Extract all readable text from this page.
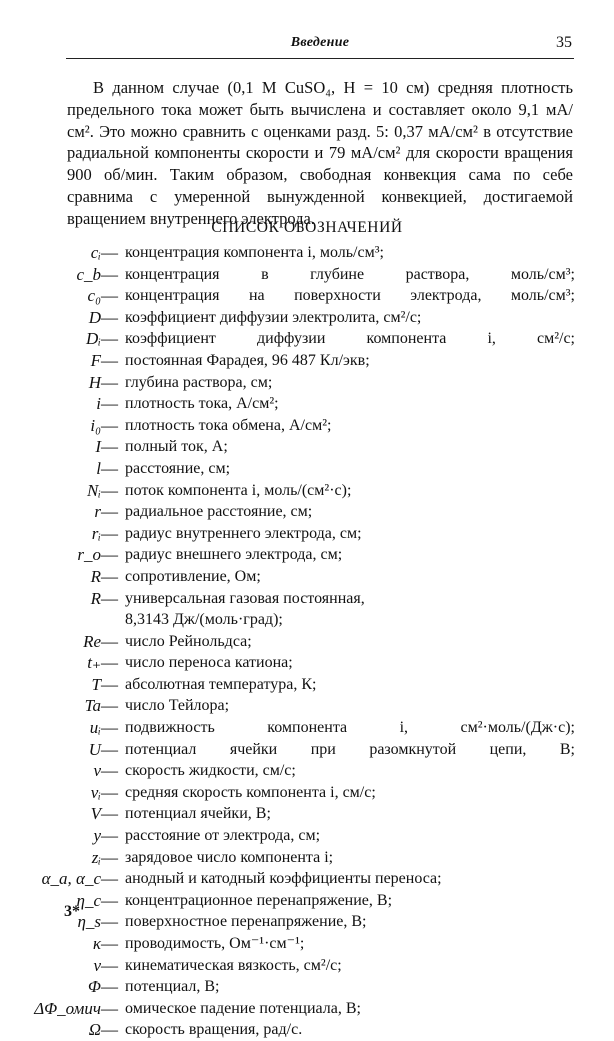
Введение	35

В данном случае (0,1 М CuSO₄, H = 10 см) средняя плотность предельного тока может быть вычислена и составляет около 9,1 мА/см². Это можно сравнить с оценками разд. 5: 0,37 мА/см² в отсутствие радиальной компоненты скорости и 79 мА/см² для скорости вращения 900 об/мин. Таким образом, свободная конвекция сама по себе сравнима с умеренной вынужденной конвекцией, достигаемой вращением внутреннего электрода.

СПИСОК ОБОЗНАЧЕНИЙ
cᵢ— концентрация компонента i, моль/см³;
c_b— концентрация в глубине раствора, моль/см³;
c₀— концентрация на поверхности электрода, моль/см³;
D— коэффициент диффузии электролита, см²/с;
Dᵢ— коэффициент диффузии компонента i, см²/с;
F— постоянная Фарадея, 96 487 Кл/экв;
H— глубина раствора, см;
i— плотность тока, А/см²;
i₀— плотность тока обмена, А/см²;
I— полный ток, А;
l— расстояние, см;
Nᵢ— поток компонента i, моль/(см²·с);
r— радиальное расстояние, см;
rᵢ— радиус внутреннего электрода, см;
r_o— радиус внешнего электрода, см;
R— сопротивление, Ом;
R— универсальная газовая постоянная,
8,3143 Дж/(моль·град);
Re— число Рейнольдса;
t₊— число переноса катиона;
T— абсолютная температура, К;
Ta— число Тейлора;
uᵢ— подвижность компонента i, см²·моль/(Дж·с);
U— потенциал ячейки при разомкнутой цепи, В;
v— скорость жидкости, см/с;
vᵢ— средняя скорость компонента i, см/с;
V— потенциал ячейки, В;
y— расстояние от электрода, см;
zᵢ— зарядовое число компонента i;
α_a, α_c— анодный и катодный коэффициенты переноса;
η_c— концентрационное перенапряжение, В;
η_s— поверхностное перенапряжение, В;
κ— проводимость, Ом⁻¹·см⁻¹;
ν— кинематическая вязкость, см²/с;
Φ— потенциал, В;
ΔΦ_омич— омическое падение потенциала, В;
Ω— скорость вращения, рад/с.
3*
